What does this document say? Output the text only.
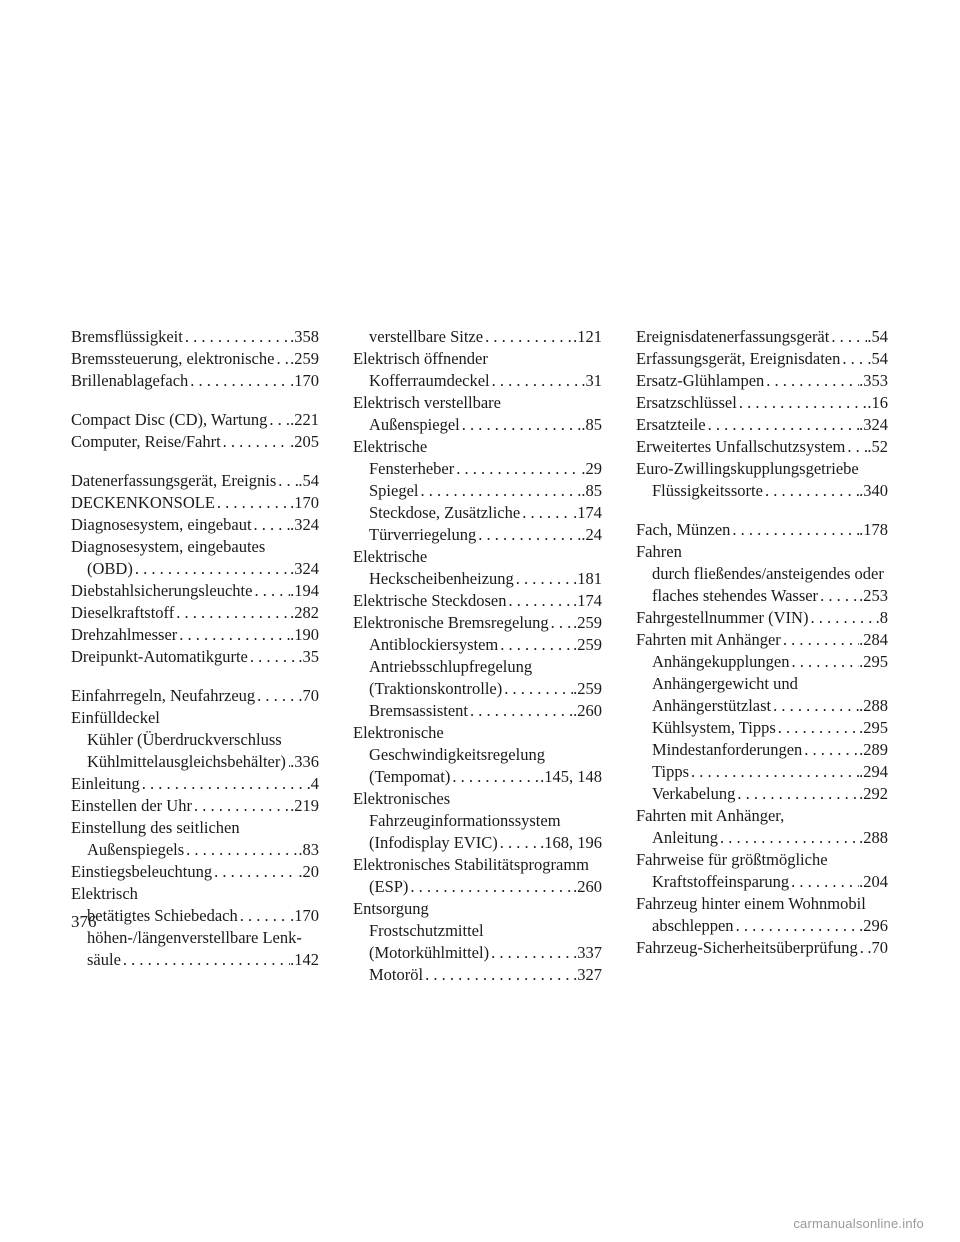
Bremsflüssigkeit . . .	.358
Bremssteuerung, elektronische . . . .259
Brillenablagefach . . .	.170
Compact Disc (CD), Wartung . . . .221
Computer, Reise/Fahrt . . .	.205
Datenerfassungsgerät, Ereignis . . . .54
DECKENKONSOLE . . .	.170
Diagnosesystem, eingebaut . . . .324
Diagnosesystem, eingebautes
(OBD) . . .	.324
Diebstahlsicherungsleuchte . . . .194
Dieselkraftstoff . . .	.282
Drehzahlmesser . . .	.190
Dreipunkt-Automatikgurte . . .	.35
Einfahrregeln, Neufahrzeug . . .	.70
Einfülldeckel
Kühler (Überdruckverschluss
Kühlmittelausgleichsbehälter) . . . .336
Einleitung . . .	.4
Einstellen der Uhr . . .	.219
Einstellung des seitlichen
Außenspiegels . . .	.83
Einstiegsbeleuchtung . . .	.20
Elektrisch
betätigtes Schiebedach . . .	.170
höhen-/längenverstellbare Lenk-
säule . . .	.142
verstellbare Sitze . . .	.121
Elektrisch öffnender
Kofferraumdeckel . . .	.31
Elektrisch verstellbare
Außenspiegel . . .	.85
Elektrische
Fensterheber . . .	.29
Spiegel . . .	.85
Steckdose, Zusätzliche . . .	.174
Türverriegelung . . .	.24
Elektrische
Heckscheibenheizung . . .	.181
Elektrische Steckdosen . . .	.174
Elektronische Bremsregelung . . . .259
Antiblockiersystem . . .	.259
Antriebsschlupfregelung
(Traktionskontrolle) . . .	.259
Bremsassistent . . .	.260
Elektronische
Geschwindigkeitsregelung
(Tempomat) . . .	.145, 148
Elektronisches
Fahrzeuginformationssystem
(Infodisplay EVIC) . . .	.168, 196
Elektronisches Stabilitätsprogramm
(ESP) . . .	.260
Entsorgung
Frostschutzmittel
(Motorkühlmittel) . . .	.337
Motoröl . . .	.327
Ereignisdatenerfassungsgerät . . . .54
Erfassungsgerät, Ereignisdaten . . . .54
Ersatz-Glühlampen . . .	.353
Ersatzschlüssel . . .	.16
Ersatzteile . . .	.324
Erweitertes Unfallschutzsystem . . . .52
Euro-Zwillingskupplungsgetriebe
Flüssigkeitssorte . . .	.340
Fach, Münzen . . .	.178
Fahren
durch fließendes/ansteigendes oder
flaches stehendes Wasser . . . .253
Fahrgestellnummer (VIN) . . .	.8
Fahrten mit Anhänger . . .	.284
Anhängekupplungen . . .	.295
Anhängergewicht und
Anhängerstützlast . . .	.288
Kühlsystem, Tipps . . .	.295
Mindestanforderungen . . .	.289
Tipps . . .	.294
Verkabelung . . .	.292
Fahrten mit Anhänger,
Anleitung . . .	.288
Fahrweise für größtmögliche
Kraftstoffeinsparung . . .	.204
Fahrzeug hinter einem Wohnmobil
abschleppen . . .	.296
Fahrzeug-Sicherheitsüberprüfung . . . .70
376
carmanualsonline.info
